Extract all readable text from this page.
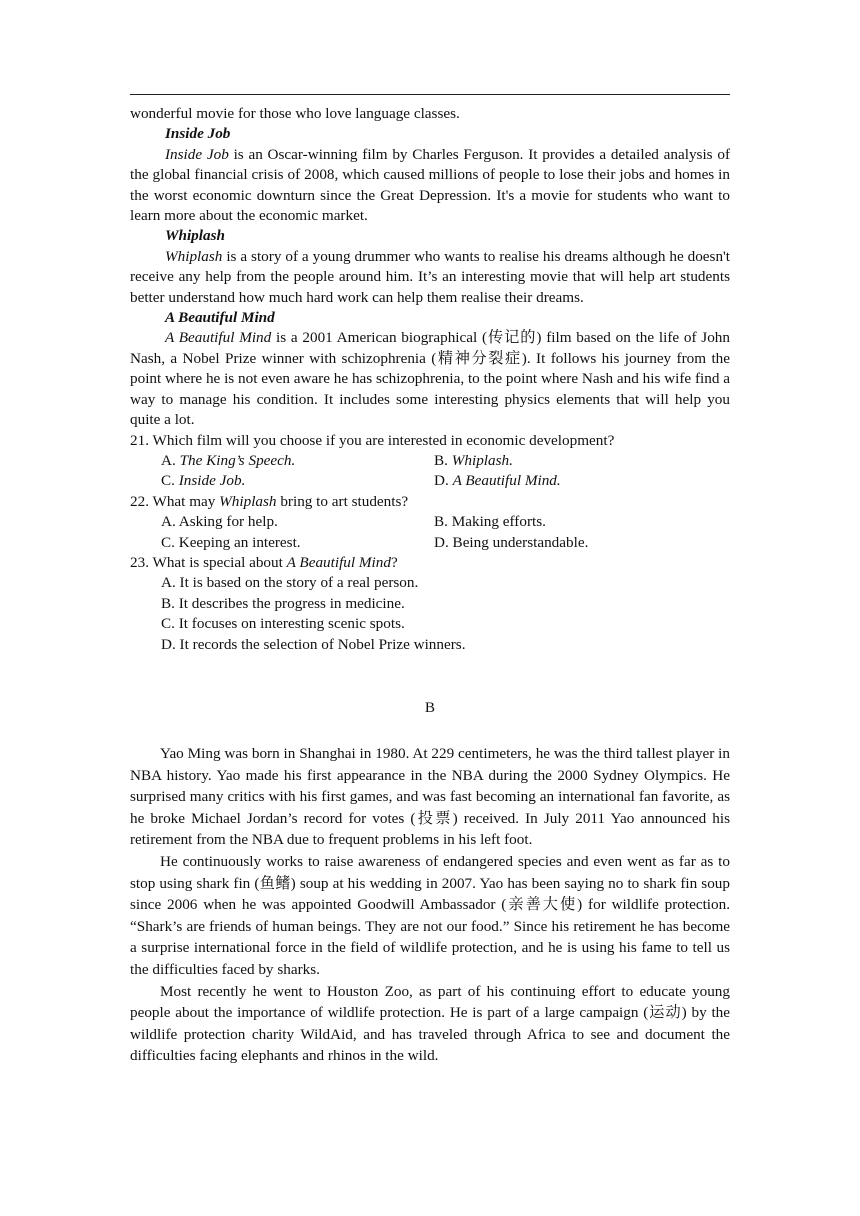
wonderful movie for those who love language classes.

Inside Job

Inside Job is an Oscar-winning film by Charles Ferguson. It provides a detailed analysis of the global financial crisis of 2008, which caused millions of people to lose their jobs and homes in the worst economic downturn since the Great Depression. It's a movie for students who want to learn more about the economic market.

Whiplash

Whiplash is a story of a young drummer who wants to realise his dreams although he doesn't receive any help from the people around him. It’s an interesting movie that will help art students better understand how much hard work can help them realise their dreams.

A Beautiful Mind

A Beautiful Mind is a 2001 American biographical (传记的) film based on the life of John Nash, a Nobel Prize winner with schizophrenia (精神分裂症). It follows his journey from the point where he is not even aware he has schizophrenia, to the point where Nash and his wife find a way to manage his condition. It includes some interesting physics elements that will help you quite a lot.

21. Which film will you choose if you are interested in economic development?

A. The King’s Speech.	B. Whiplash.
C. Inside Job.	D. A Beautiful Mind.

22. What may Whiplash bring to art students?

A. Asking for help.	B. Making efforts.
C. Keeping an interest.	D. Being understandable.

23. What is special about A Beautiful Mind?

A. It is based on the story of a real person.

B. It describes the progress in medicine.

C. It focuses on interesting scenic spots.

D. It records the selection of Nobel Prize winners.

B

Yao Ming was born in Shanghai in 1980. At 229 centimeters, he was the third tallest player in NBA history. Yao made his first appearance in the NBA during the 2000 Sydney Olympics. He surprised many critics with his first games, and was fast becoming an international fan favorite, as he broke Michael Jordan’s record for votes (投票) received. In July 2011 Yao announced his retirement from the NBA due to frequent problems in his left foot.

He continuously works to raise awareness of endangered species and even went as far as to stop using shark fin (鱼鳍) soup at his wedding in 2007. Yao has been saying no to shark fin soup since 2006 when he was appointed Goodwill Ambassador (亲善大使) for wildlife protection. “Shark’s are friends of human beings. They are not our food.” Since his retirement he has become a surprise international force in the field of wildlife protection, and he is using his fame to tell us the difficulties faced by sharks.

Most recently he went to Houston Zoo, as part of his continuing effort to educate young people about the importance of wildlife protection. He is part of a large campaign (运动) by the wildlife protection charity WildAid, and has traveled through Africa to see and document the difficulties facing elephants and rhinos in the wild.
